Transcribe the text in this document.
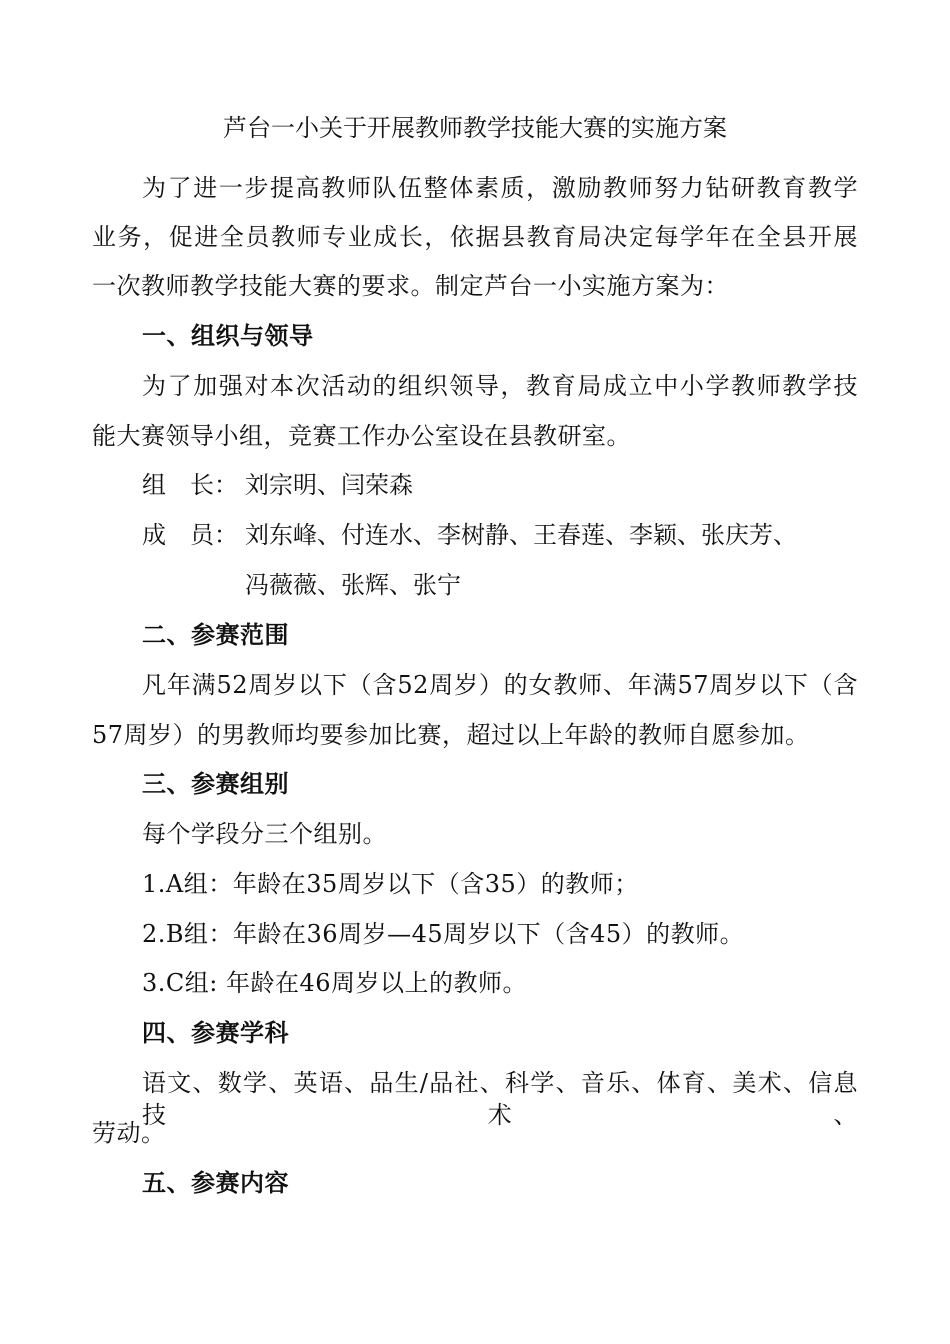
芦台一小关于开展教师教学技能大赛的实施方案
为了进一步提高教师队伍整体素质，激励教师努力钻研教育教学
业务，促进全员教师专业成长，依据县教育局决定每学年在全县开展
一次教师教学技能大赛的要求。制定芦台一小实施方案为：
一、组织与领导
为了加强对本次活动的组织领导，教育局成立中小学教师教学技
能大赛领导小组，竞赛工作办公室设在县教研室。
组　长： 刘宗明、闫荣森
成　员： 刘东峰、付连水、李树静、王春莲、李颖、张庆芳、
冯薇薇、张辉、张宁
二、参赛范围
凡年满52周岁以下（含52周岁）的女教师、年满57周岁以下（含
57周岁）的男教师均要参加比赛，超过以上年龄的教师自愿参加。
三、参赛组别
每个学段分三个组别。
1.A组：年龄在35周岁以下（含35）的教师；
2.B组：年龄在36周岁—45周岁以下（含45）的教师。
3.C组: 年龄在46周岁以上的教师。
四、参赛学科
语文、数学、英语、品生/品社、科学、音乐、体育、美术、信息技术、
劳动。
五、参赛内容
